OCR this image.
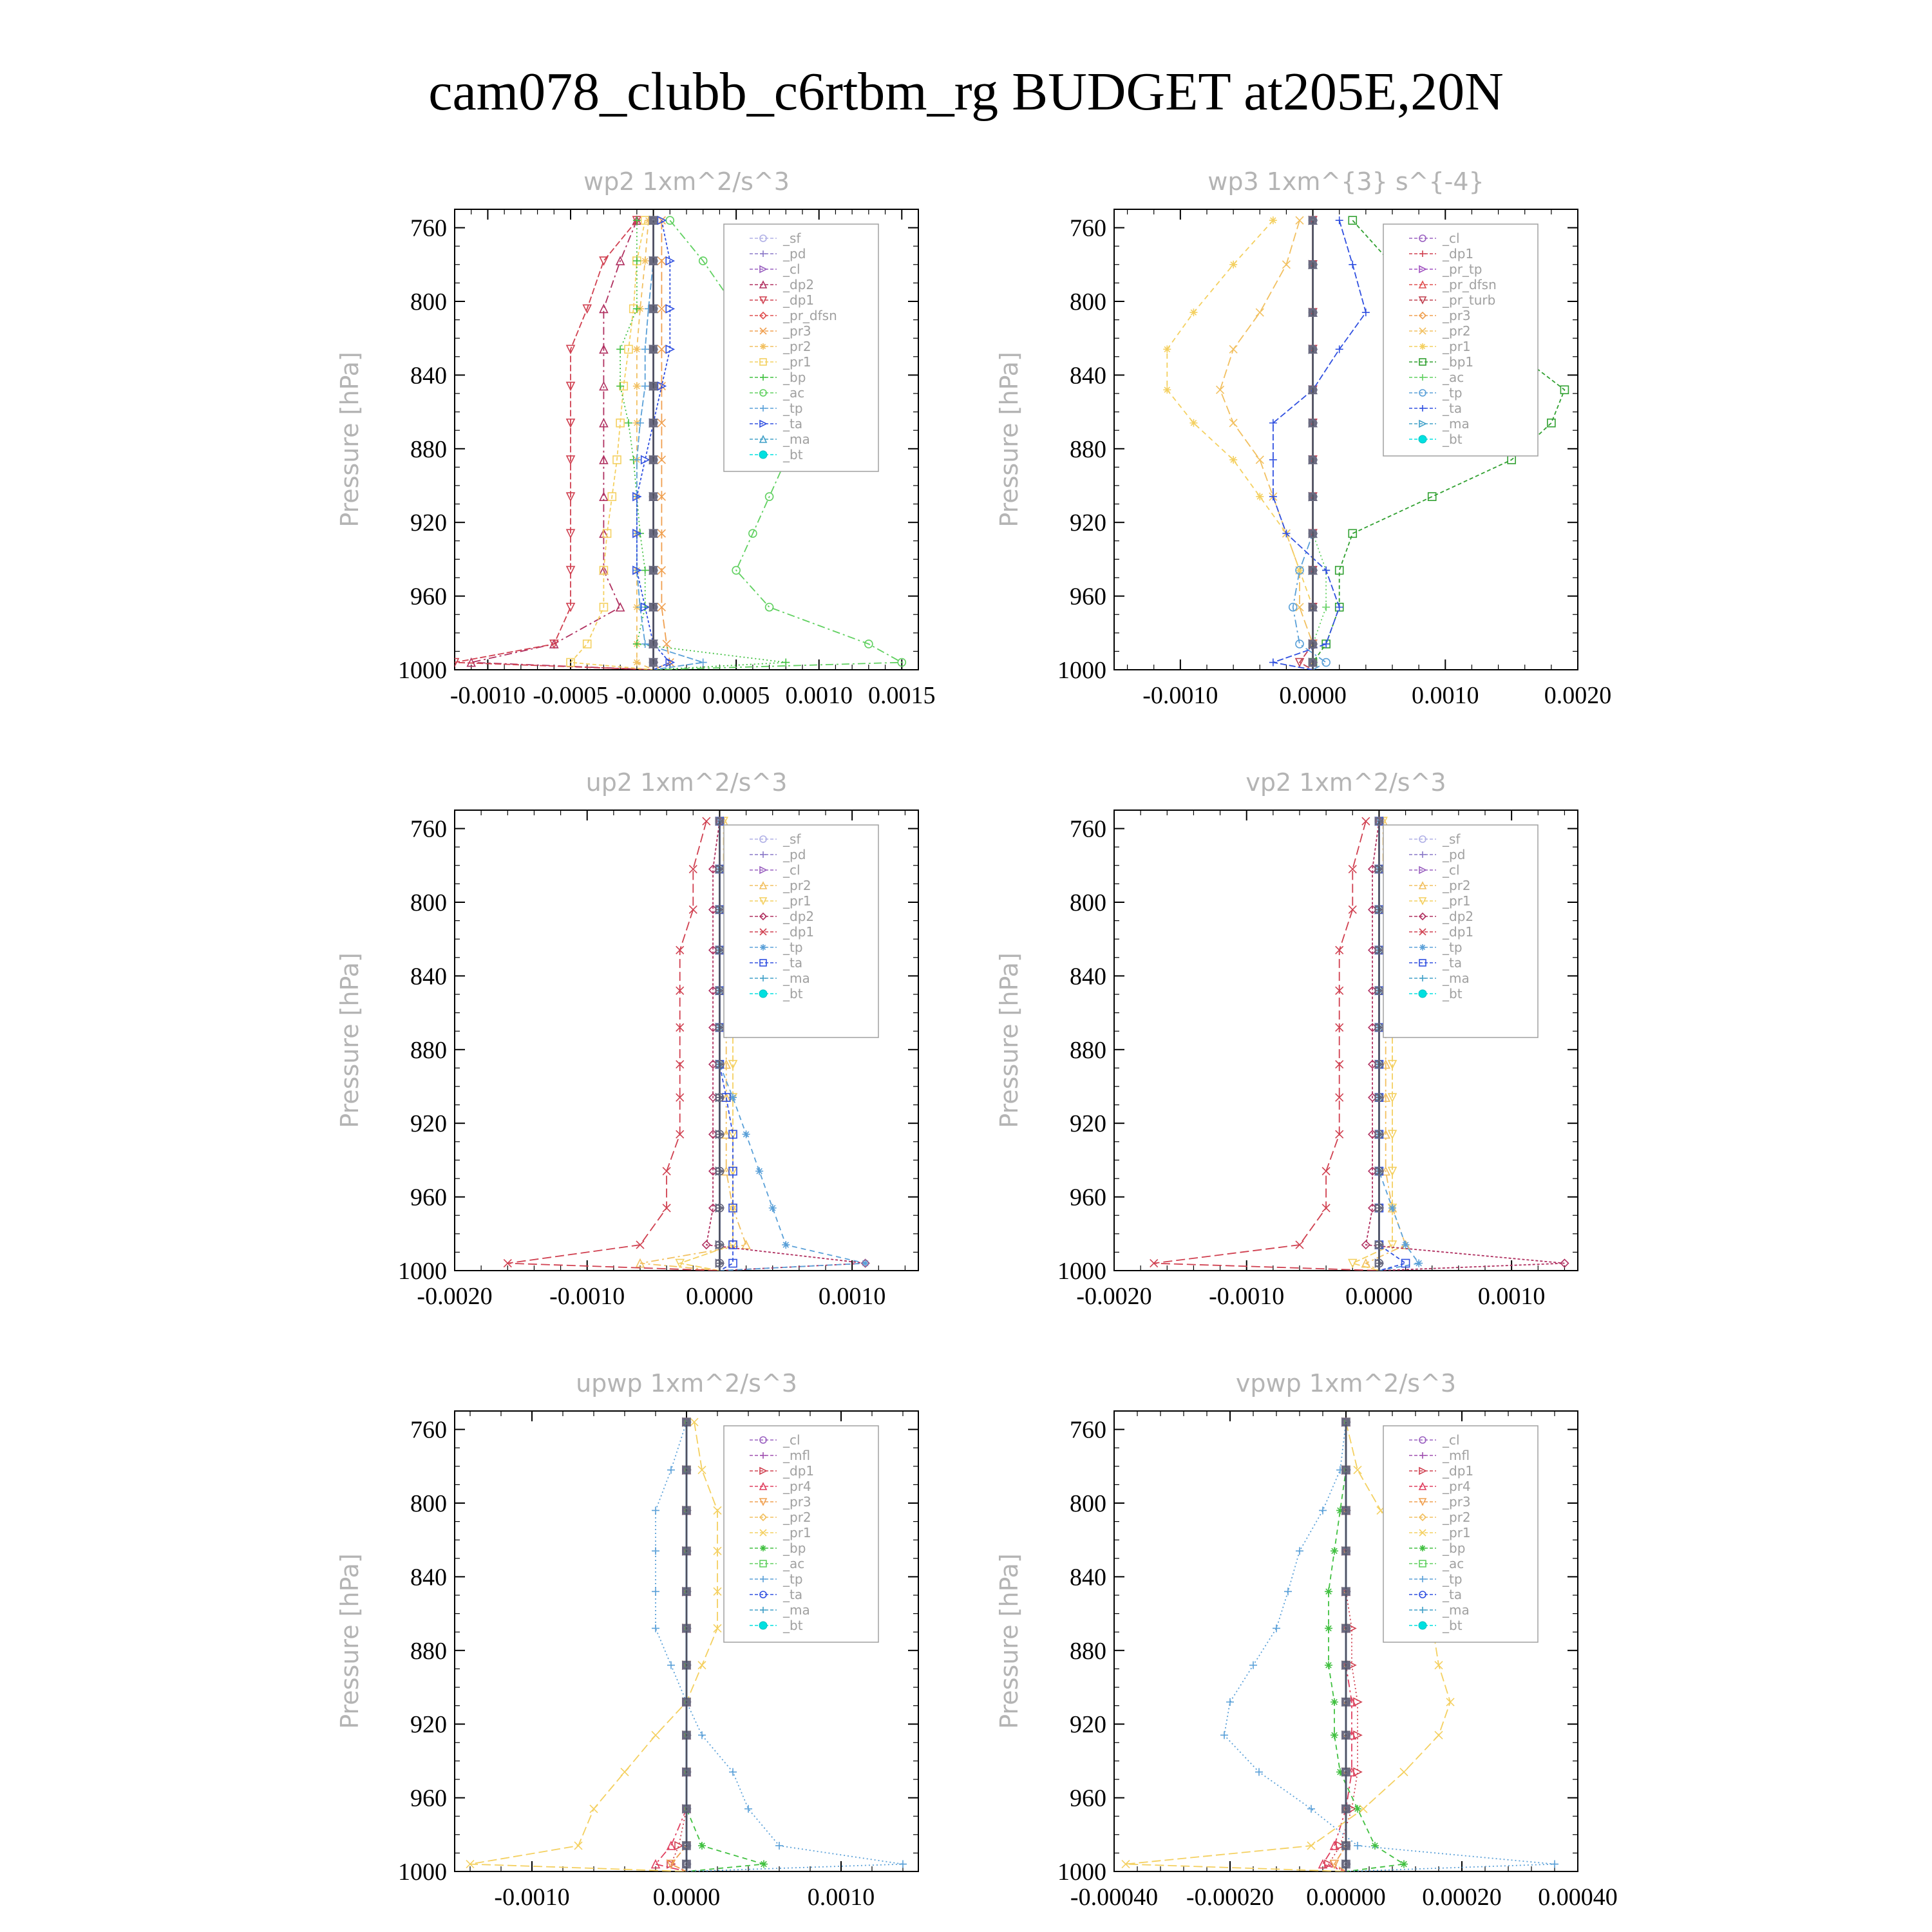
cam078_clubb_c6rtbm_rg BUDGET at205E,20N
wp2 1xm^2/s^3
Pressure [hPa]
760
800
840
880
920
960
1000
-0.0010 -0.0005 -0.0000 0.0005 0.0010 0.0015
_sf
_pd
_cl
_dp2
_dp1
_pr_dfsn
_pr3
_pr2
_pr1
_bp
_ac
_tp
_ta
_ma
_bt
wp3 1xm^{3} s^{-4}
Pressure [hPa]
760
800
840
880
920
960
1000
-0.0010 0.0000	0.0010	0.0020
_cl
_dp1
_pr_tp
_pr_dfsn
_pr_turb
_pr3
_pr2
_pr1
_bp1
_ac
_tp
_ta
_ma
_bt
up2 1xm^2/s^3
Pressure [hPa]
760
800
840
880
920
960
1000
-0.0020 -0.0010 0.0000	0.0010
_sf
_pd
_cl
_pr2
_pr1
_dp2
_dp1
_tp
_ta
_ma
_bt
vp2 1xm^2/s^3
Pressure [hPa]
760
800
840
880
920
960
1000
-0.0020 -0.0010 0.0000	0.0010
_sf
_pd
_cl
_pr2
_pr1
_dp2
_dp1
_tp
_ta
_ma
_bt
upwp 1xm^2/s^3
Pressure [hPa]
760
800
840
880
920
960
1000
-0.0010	0.0000	0.0010
_cl
_mfl
_dp1
_pr4
_pr3
_pr2
_pr1
_bp
_ac
_tp
_ta
_ma
_bt
vpwp 1xm^2/s^3
Pressure [hPa]
760
800
840
880
920
960
1000
-0.00040 -0.00020 0.00000 0.00020 0.00040
_cl
_mfl
_dp1
_pr4
_pr3
_pr2
_pr1
_bp
_ac
_tp
_ta
_ma
_bt
